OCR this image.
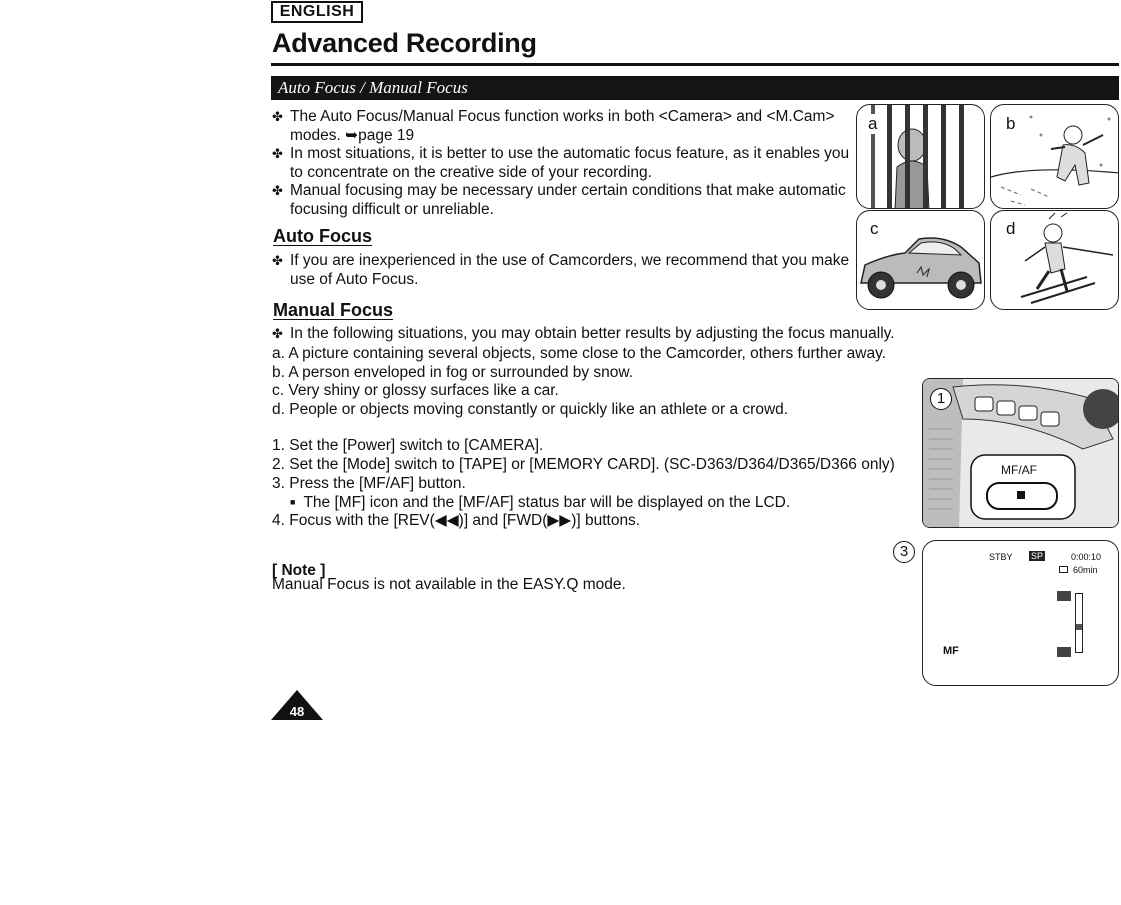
ENGLISH
Advanced Recording
Auto Focus / Manual Focus
✤ The Auto Focus/Manual Focus function works in both <Camera> and <M.Cam> modes. ➥page 19
✤ In most situations, it is better to use the automatic focus feature, as it enables you to concentrate on the creative side of your recording.
✤ Manual focusing may be necessary under certain conditions that make automatic focusing difficult or unreliable.
Auto Focus
✤ If you are inexperienced in the use of Camcorders, we recommend that you make use of Auto Focus.
Manual Focus
✤ In the following situations, you may obtain better results by adjusting the focus manually.
a. A picture containing several objects, some close to the Camcorder, others further away.
b. A person enveloped in fog or surrounded by snow.
c. Very shiny or glossy surfaces like a car.
d. People or objects moving constantly or quickly like an athlete or a crowd.
1. Set the [Power] switch to [CAMERA].
2. Set the [Mode] switch to [TAPE] or [MEMORY CARD]. (SC-D363/D364/D365/D366 only)
3. Press the [MF/AF] button.
■ The [MF] icon and the [MF/AF] status bar will be displayed on the LCD.
4. Focus with the [REV(◀◀)] and [FWD(▶▶)] buttons.
[ Note ]
Manual Focus is not available in the EASY.Q mode.
a	b
c	d
MF/AF
1
3	STBY SP	0:00:10
60min
MF
48
